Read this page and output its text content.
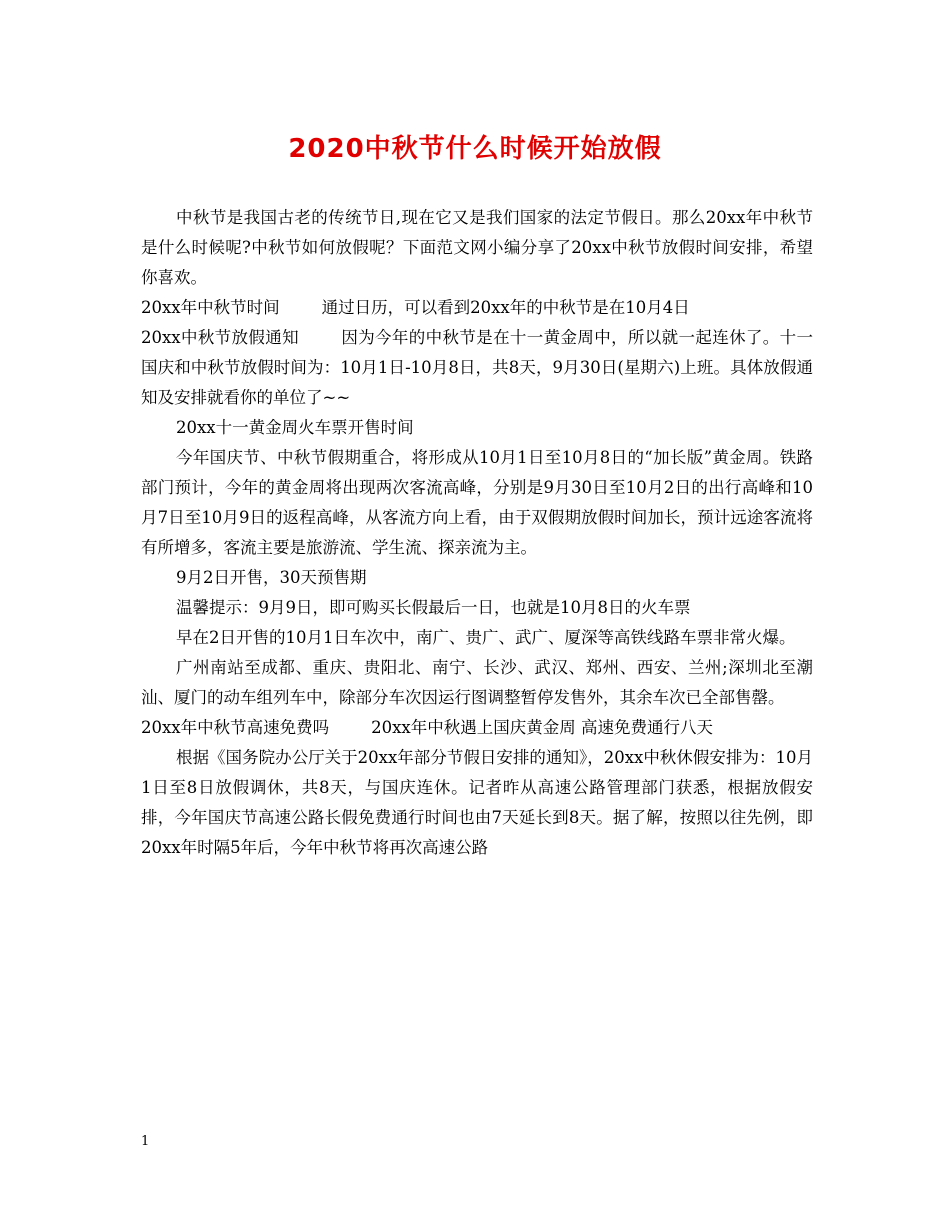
2020中秋节什么时候开始放假

中秋节是我国古老的传统节日,现在它又是我们国家的法定节假日。那么20xx年中秋节是什么时候呢?中秋节如何放假呢？下面范文网小编分享了20xx中秋节放假时间安排，希望你喜欢。

20xx年中秋节时间	通过日历，可以看到20xx年的中秋节是在10月4日

20xx中秋节放假通知	因为今年的中秋节是在十一黄金周中，所以就一起连休了。十一国庆和中秋节放假时间为：10月1日-10月8日，共8天，9月30日(星期六)上班。具体放假通知及安排就看你的单位了~~

20xx十一黄金周火车票开售时间

今年国庆节、中秋节假期重合，将形成从10月1日至10月8日的“加长版”黄金周。铁路部门预计，今年的黄金周将出现两次客流高峰，分别是9月30日至10月2日的出行高峰和10月7日至10月9日的返程高峰，从客流方向上看，由于双假期放假时间加长，预计远途客流将有所增多，客流主要是旅游流、学生流、探亲流为主。

9月2日开售，30天预售期

温馨提示：9月9日，即可购买长假最后一日，也就是10月8日的火车票

早在2日开售的10月1日车次中，南广、贵广、武广、厦深等高铁线路车票非常火爆。

广州南站至成都、重庆、贵阳北、南宁、长沙、武汉、郑州、西安、兰州;深圳北至潮汕、厦门的动车组列车中，除部分车次因运行图调整暂停发售外，其余车次已全部售罄。

20xx年中秋节高速免费吗	20xx年中秋遇上国庆黄金周 高速免费通行八天

根据《国务院办公厅关于20xx年部分节假日安排的通知》，20xx中秋休假安排为：10月1日至8日放假调休，共8天，与国庆连休。记者昨从高速公路管理部门获悉，根据放假安排，今年国庆节高速公路长假免费通行时间也由7天延长到8天。据了解，按照以往先例，即20xx年时隔5年后，今年中秋节将再次高速公路

1
